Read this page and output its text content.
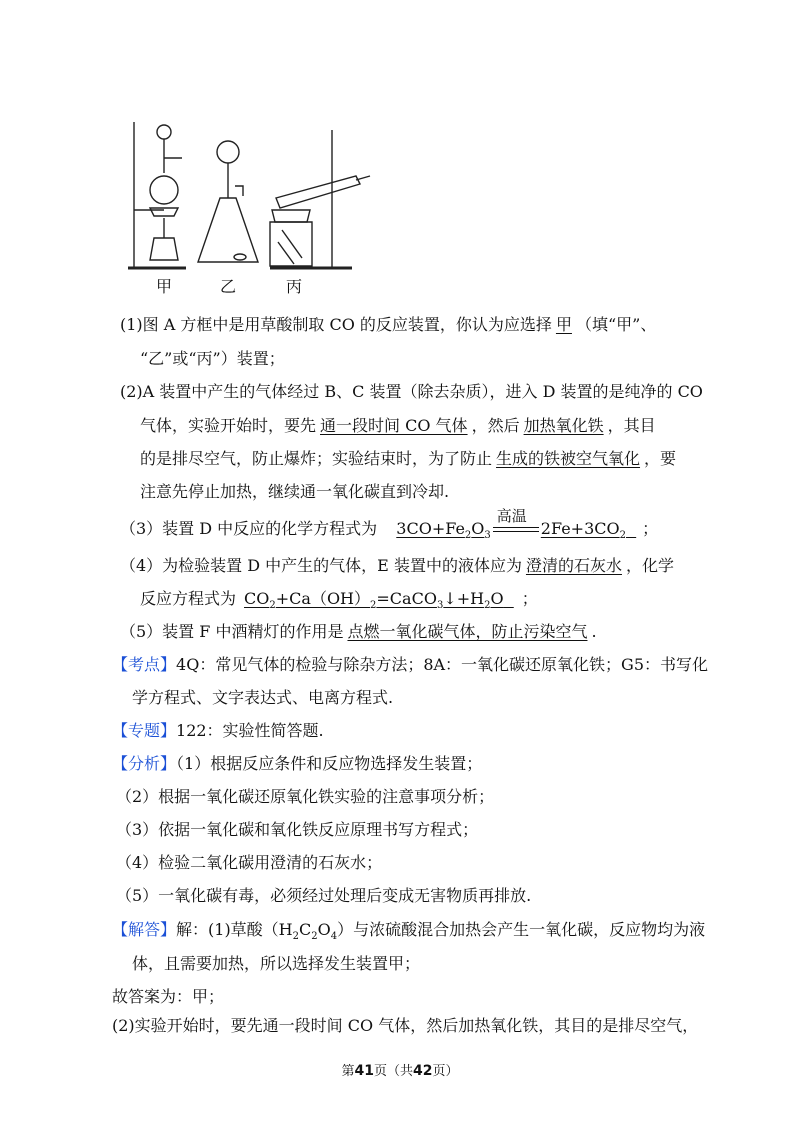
甲	乙	丙
(1)图 A 方框中是用草酸制取 CO 的反应装置，你认为应选择 甲 （填“甲”、
“乙”或“丙”）装置；
(2)A 装置中产生的气体经过 B、C 装置（除去杂质），进入 D 装置的是纯净的 CO
气体，实验开始时，要先 通一段时间 CO 气体 ，然后 加热氧化铁 ，其目
的是排尽空气，防止爆炸；实验结束时，为了防止 生成的铁被空气氧化 ，要
注意先停止加热，继续通一氧化碳直到冷却.
（3）装置 D 中反应的化学方程式为 $3CO+Fe_2O_3$
高温
$2Fe+3CO_2$ ；
（4）为检验装置 D 中产生的气体，E 装置中的液体应为 澄清的石灰水 ，化学
反应方程式为 $CO_2+Ca(OH)_2=CaCO_3↓+H_2O$ ；
（5）装置 F 中酒精灯的作用是 点燃一氧化碳气体，防止污染空气 .
【考点】4Q：常见气体的检验与除杂方法；8A：一氧化碳还原氧化铁；G5：书写化
学方程式、文字表达式、电离方程式.
【专题】122：实验性简答题.
【分析】（1）根据反应条件和反应物选择发生装置；
（2）根据一氧化碳还原氧化铁实验的注意事项分析；
（3）依据一氧化碳和氧化铁反应原理书写方程式；
（4）检验二氧化碳用澄清的石灰水；
（5）一氧化碳有毒，必须经过处理后变成无害物质再排放.
【解答】解：(1)草酸$(H_2C_2O_4)$与浓硫酸混合加热会产生一氧化碳，反应物均为液
体，且需要加热，所以选择发生装置甲；
故答案为：甲；
(2)实验开始时，要先通一段时间 CO 气体，然后加热氧化铁，其目的是排尽空气，
第41页（共42页）
